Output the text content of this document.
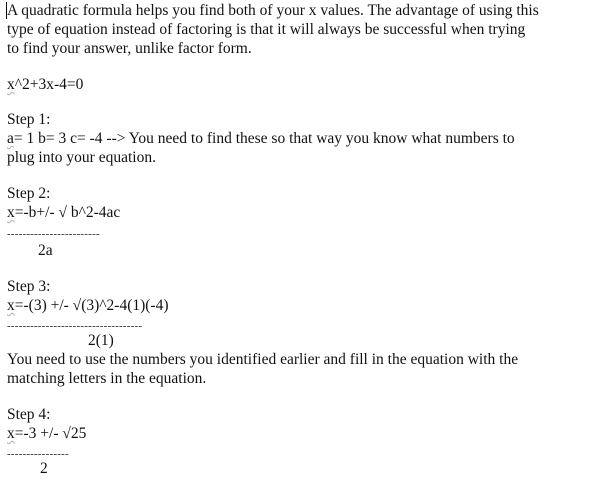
A quadratic formula helps you find both of your x values. The advantage of using this
type of equation instead of factoring is that it will always be successful when trying
to find your answer, unlike factor form.
x^2+3x-4=0
Step 1:
a= 1 b= 3 c= -4 --> You need to find these so that way you know what numbers to
plug into your equation.
Step 2:
x=-b+/- √ b^2-4ac
------------------------
2a
Step 3:
x=-(3) +/- √(3)^2-4(1)(-4)
-----------------------------------
2(1)
You need to use the numbers you identified earlier and fill in the equation with the
matching letters in the equation.
Step 4:
x=-3 +/- √25
----------------
2
